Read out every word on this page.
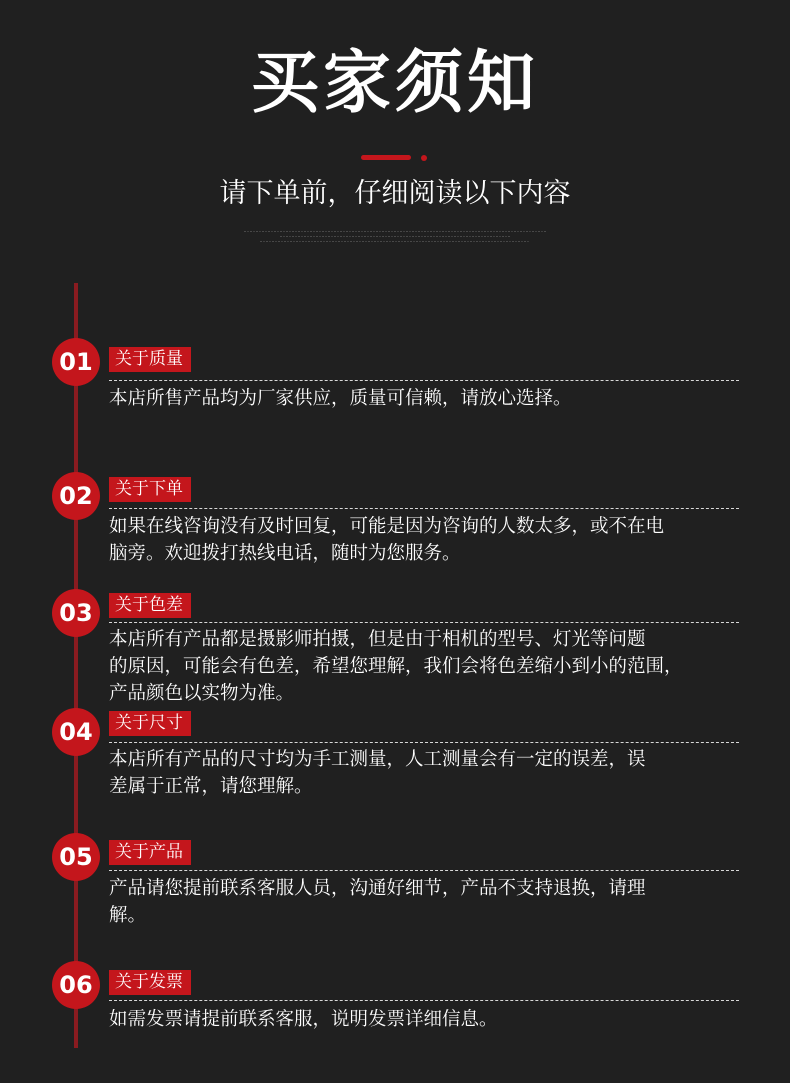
买家须知
请下单前，仔细阅读以下内容
01	关于质量
本店所售产品均为厂家供应，质量可信赖，请放心选择。
02	关于下单
如果在线咨询没有及时回复，可能是因为咨询的人数太多，或不在电
脑旁。欢迎拨打热线电话，随时为您服务。
03	关于色差
本店所有产品都是摄影师拍摄，但是由于相机的型号、灯光等问题
的原因，可能会有色差，希望您理解，我们会将色差缩小到小的范围，
产品颜色以实物为准。
04	关于尺寸
本店所有产品的尺寸均为手工测量，人工测量会有一定的误差，误
差属于正常，请您理解。
05	关于产品
产品请您提前联系客服人员，沟通好细节，产品不支持退换，请理
解。
06	关于发票
如需发票请提前联系客服，说明发票详细信息。
